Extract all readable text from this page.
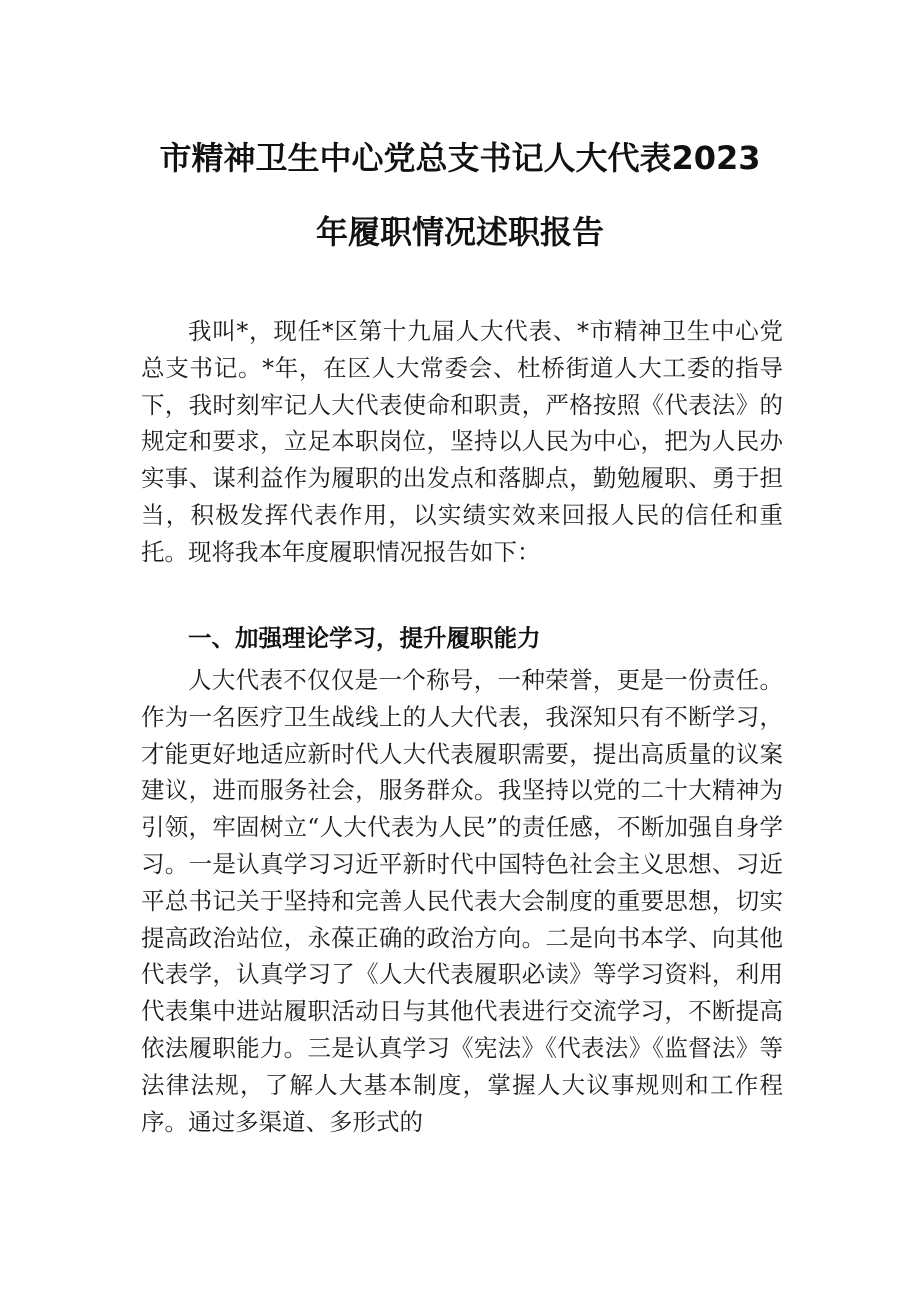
市精神卫生中心党总支书记人大代表2023
年履职情况述职报告

我叫*，现任*区第十九届人大代表、*市精神卫生中心党总支书记。*年，在区人大常委会、杜桥街道人大工委的指导下，我时刻牢记人大代表使命和职责，严格按照《代表法》的规定和要求，立足本职岗位，坚持以人民为中心，把为人民办实事、谋利益作为履职的出发点和落脚点，勤勉履职、勇于担当，积极发挥代表作用，以实绩实效来回报人民的信任和重托。现将我本年度履职情况报告如下：

一、加强理论学习，提升履职能力

人大代表不仅仅是一个称号，一种荣誉，更是一份责任。作为一名医疗卫生战线上的人大代表，我深知只有不断学习，才能更好地适应新时代人大代表履职需要，提出高质量的议案建议，进而服务社会，服务群众。我坚持以党的二十大精神为引领，牢固树立“人大代表为人民”的责任感，不断加强自身学习。一是认真学习习近平新时代中国特色社会主义思想、习近平总书记关于坚持和完善人民代表大会制度的重要思想，切实提高政治站位，永葆正确的政治方向。二是向书本学、向其他代表学，认真学习了《人大代表履职必读》等学习资料，利用代表集中进站履职活动日与其他代表进行交流学习，不断提高依法履职能力。三是认真学习《宪法》《代表法》《监督法》等法律法规，了解人大基本制度，掌握人大议事规则和工作程序。通过多渠道、多形式的
